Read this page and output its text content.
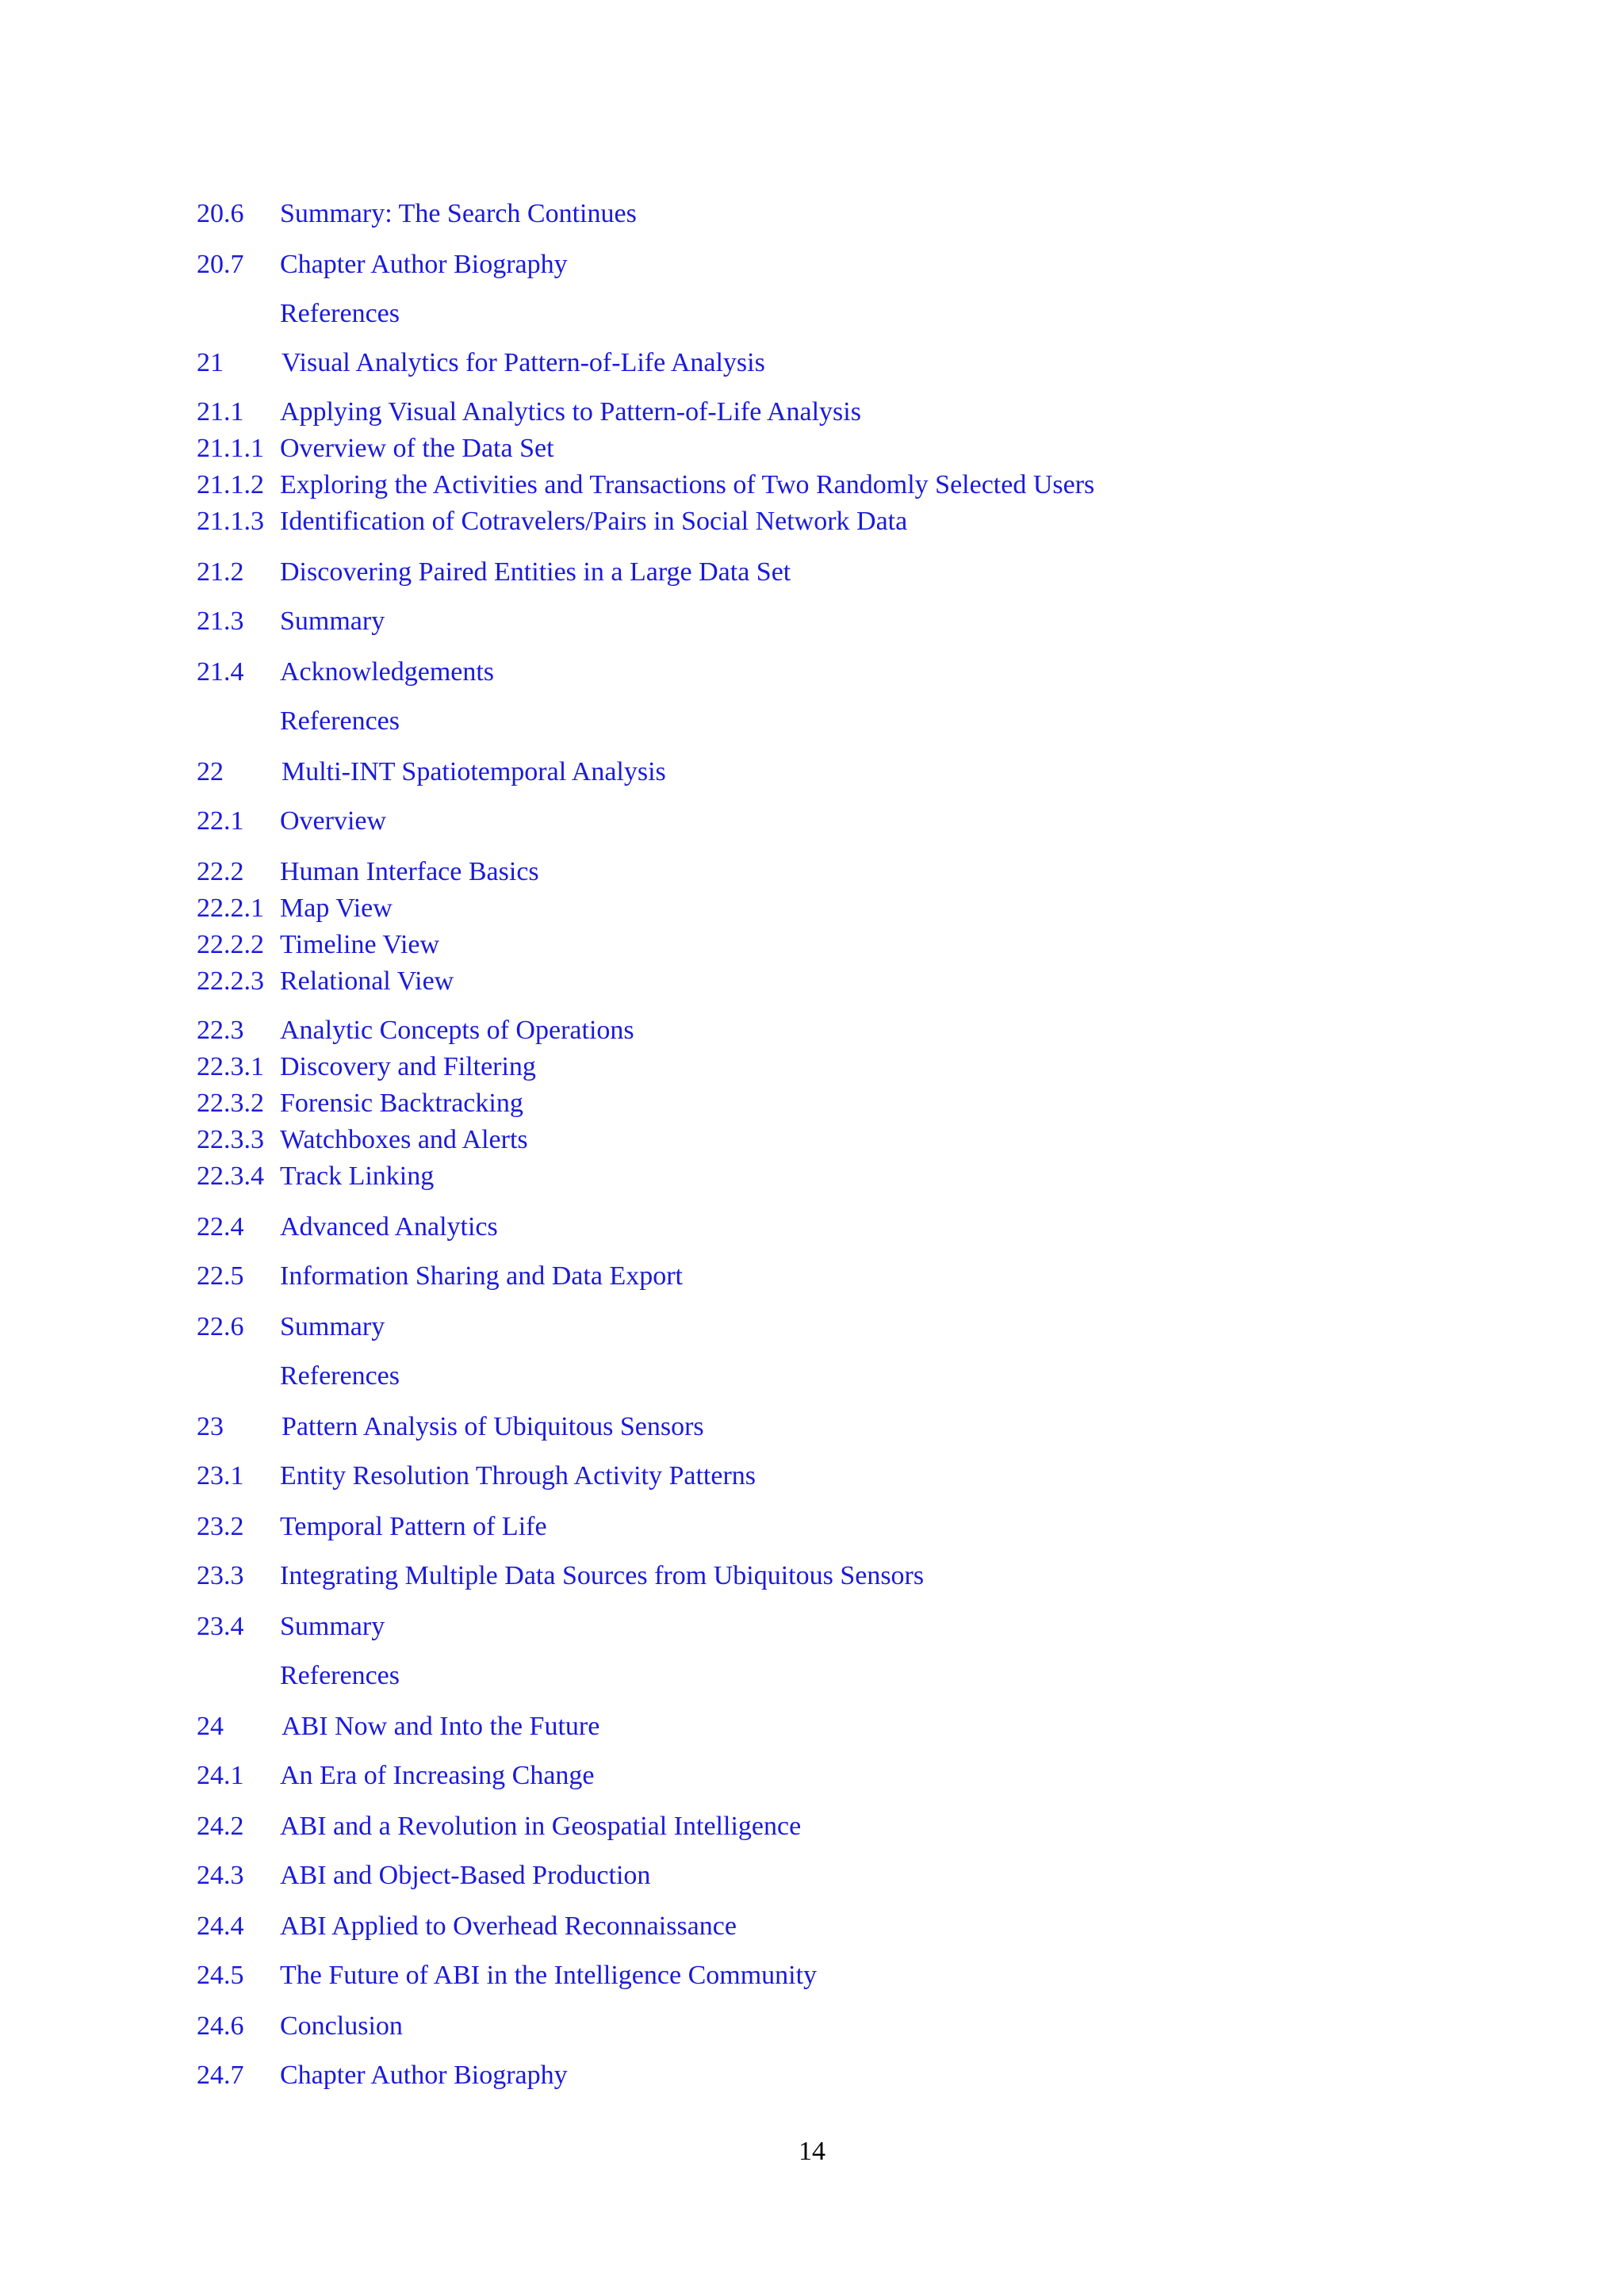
20.6 Summary: The Search Continues
20.7 Chapter Author Biography
References
21 Visual Analytics for Pattern-of-Life Analysis
21.1 Applying Visual Analytics to Pattern-of-Life Analysis
21.1.1 Overview of the Data Set
21.1.2 Exploring the Activities and Transactions of Two Randomly Selected Users
21.1.3 Identification of Cotravelers/Pairs in Social Network Data
21.2 Discovering Paired Entities in a Large Data Set
21.3 Summary
21.4 Acknowledgements
References
22 Multi-INT Spatiotemporal Analysis
22.1 Overview
22.2 Human Interface Basics
22.2.1 Map View
22.2.2 Timeline View
22.2.3 Relational View
22.3 Analytic Concepts of Operations
22.3.1 Discovery and Filtering
22.3.2 Forensic Backtracking
22.3.3 Watchboxes and Alerts
22.3.4 Track Linking
22.4 Advanced Analytics
22.5 Information Sharing and Data Export
22.6 Summary
References
23 Pattern Analysis of Ubiquitous Sensors
23.1 Entity Resolution Through Activity Patterns
23.2 Temporal Pattern of Life
23.3 Integrating Multiple Data Sources from Ubiquitous Sensors
23.4 Summary
References
24 ABI Now and Into the Future
24.1 An Era of Increasing Change
24.2 ABI and a Revolution in Geospatial Intelligence
24.3 ABI and Object-Based Production
24.4 ABI Applied to Overhead Reconnaissance
24.5 The Future of ABI in the Intelligence Community
24.6 Conclusion
24.7 Chapter Author Biography
14
